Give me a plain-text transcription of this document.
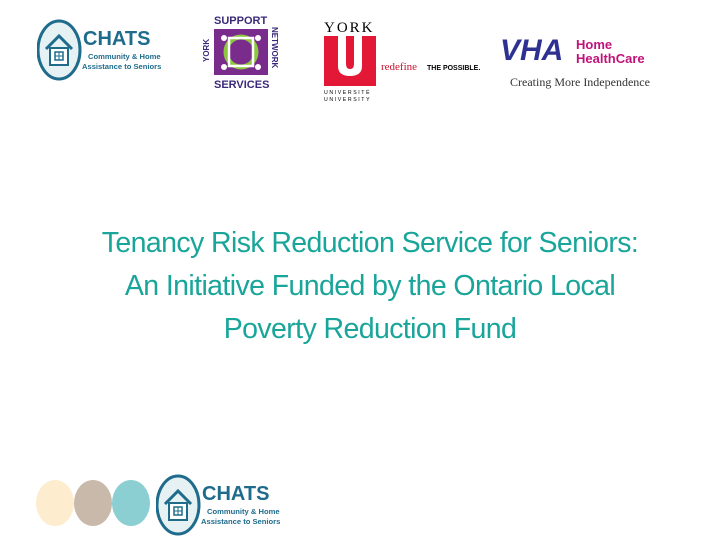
CHATS
Community & Home
Assistance to Seniors
YORK
SUPPORT
SERVICES
NETWORK	YORK
UNIVERSITÉ
UNIVERSITY
redefine THE POSSIBLE.
VHA Home
HealthCare
Creating More Independence
Tenancy Risk Reduction Service for Seniors:
An Initiative Funded by the Ontario Local
Poverty Reduction Fund
CHATS
Community & Home
Assistance to Seniors
